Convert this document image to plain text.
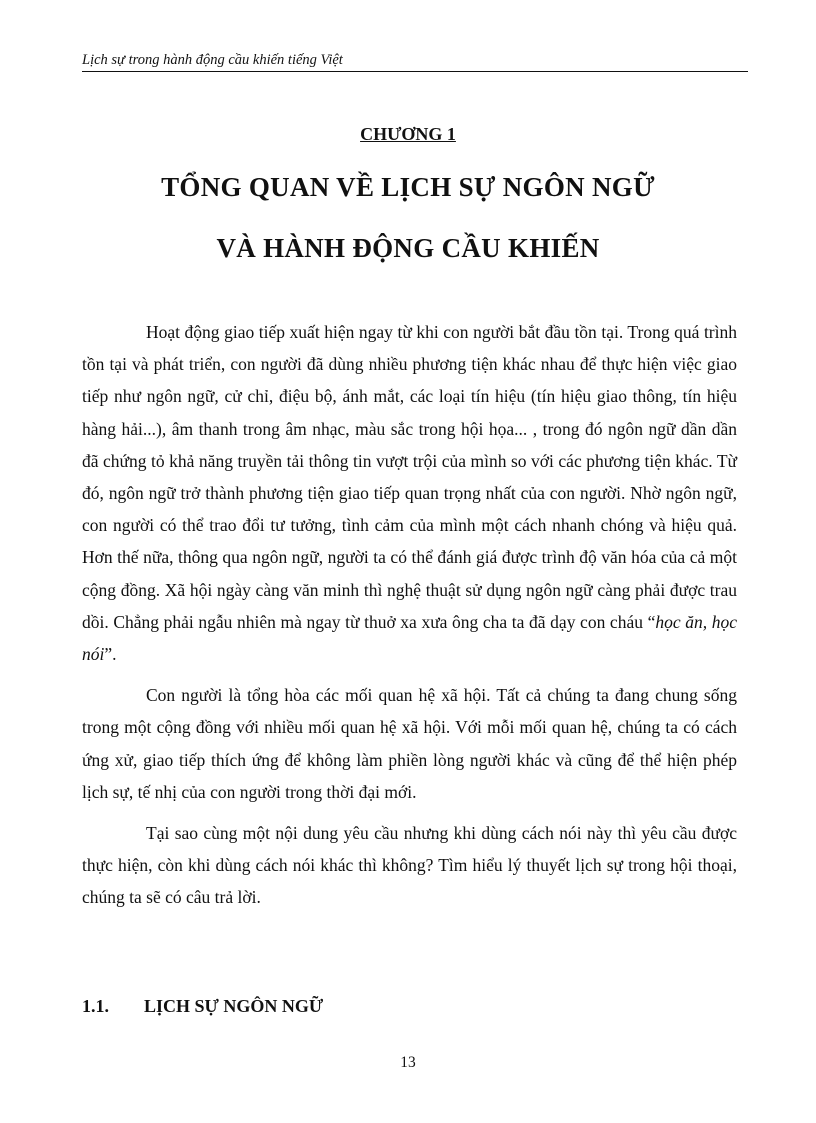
Lịch sự trong hành động cầu khiến tiếng Việt
CHƯƠNG 1
TỔNG QUAN VỀ LỊCH SỰ NGÔN NGỮ
VÀ HÀNH ĐỘNG CẦU KHIẾN

Hoạt động giao tiếp xuất hiện ngay từ khi con người bắt đầu tồn tại. Trong quá trình tồn tại và phát triển, con người đã dùng nhiều phương tiện khác nhau để thực hiện việc giao tiếp như ngôn ngữ, cử chỉ, điệu bộ, ánh mắt, các loại tín hiệu (tín hiệu giao thông, tín hiệu hàng hải...), âm thanh trong âm nhạc, màu sắc trong hội họa... , trong đó ngôn ngữ dần dần đã chứng tỏ khả năng truyền tải thông tin vượt trội của mình so với các phương tiện khác. Từ đó, ngôn ngữ trở thành phương tiện giao tiếp quan trọng nhất của con người. Nhờ ngôn ngữ, con người có thể trao đổi tư tưởng, tình cảm của mình một cách nhanh chóng và hiệu quả. Hơn thế nữa, thông qua ngôn ngữ, người ta có thể đánh giá được trình độ văn hóa của cả một cộng đồng. Xã hội ngày càng văn minh thì nghệ thuật sử dụng ngôn ngữ càng phải được trau dồi. Chẳng phải ngẫu nhiên mà ngay từ thuở xa xưa ông cha ta đã dạy con cháu “học ăn, học nói”.

Con người là tổng hòa các mối quan hệ xã hội. Tất cả chúng ta đang chung sống trong một cộng đồng với nhiều mối quan hệ xã hội. Với mỗi mối quan hệ, chúng ta có cách ứng xử, giao tiếp thích ứng để không làm phiền lòng người khác và cũng để thể hiện phép lịch sự, tế nhị của con người trong thời đại mới.

Tại sao cùng một nội dung yêu cầu nhưng khi dùng cách nói này thì yêu cầu được thực hiện, còn khi dùng cách nói khác thì không? Tìm hiểu lý thuyết lịch sự trong hội thoại, chúng ta sẽ có câu trả lời.

1.1. LỊCH SỰ NGÔN NGỮ
13
